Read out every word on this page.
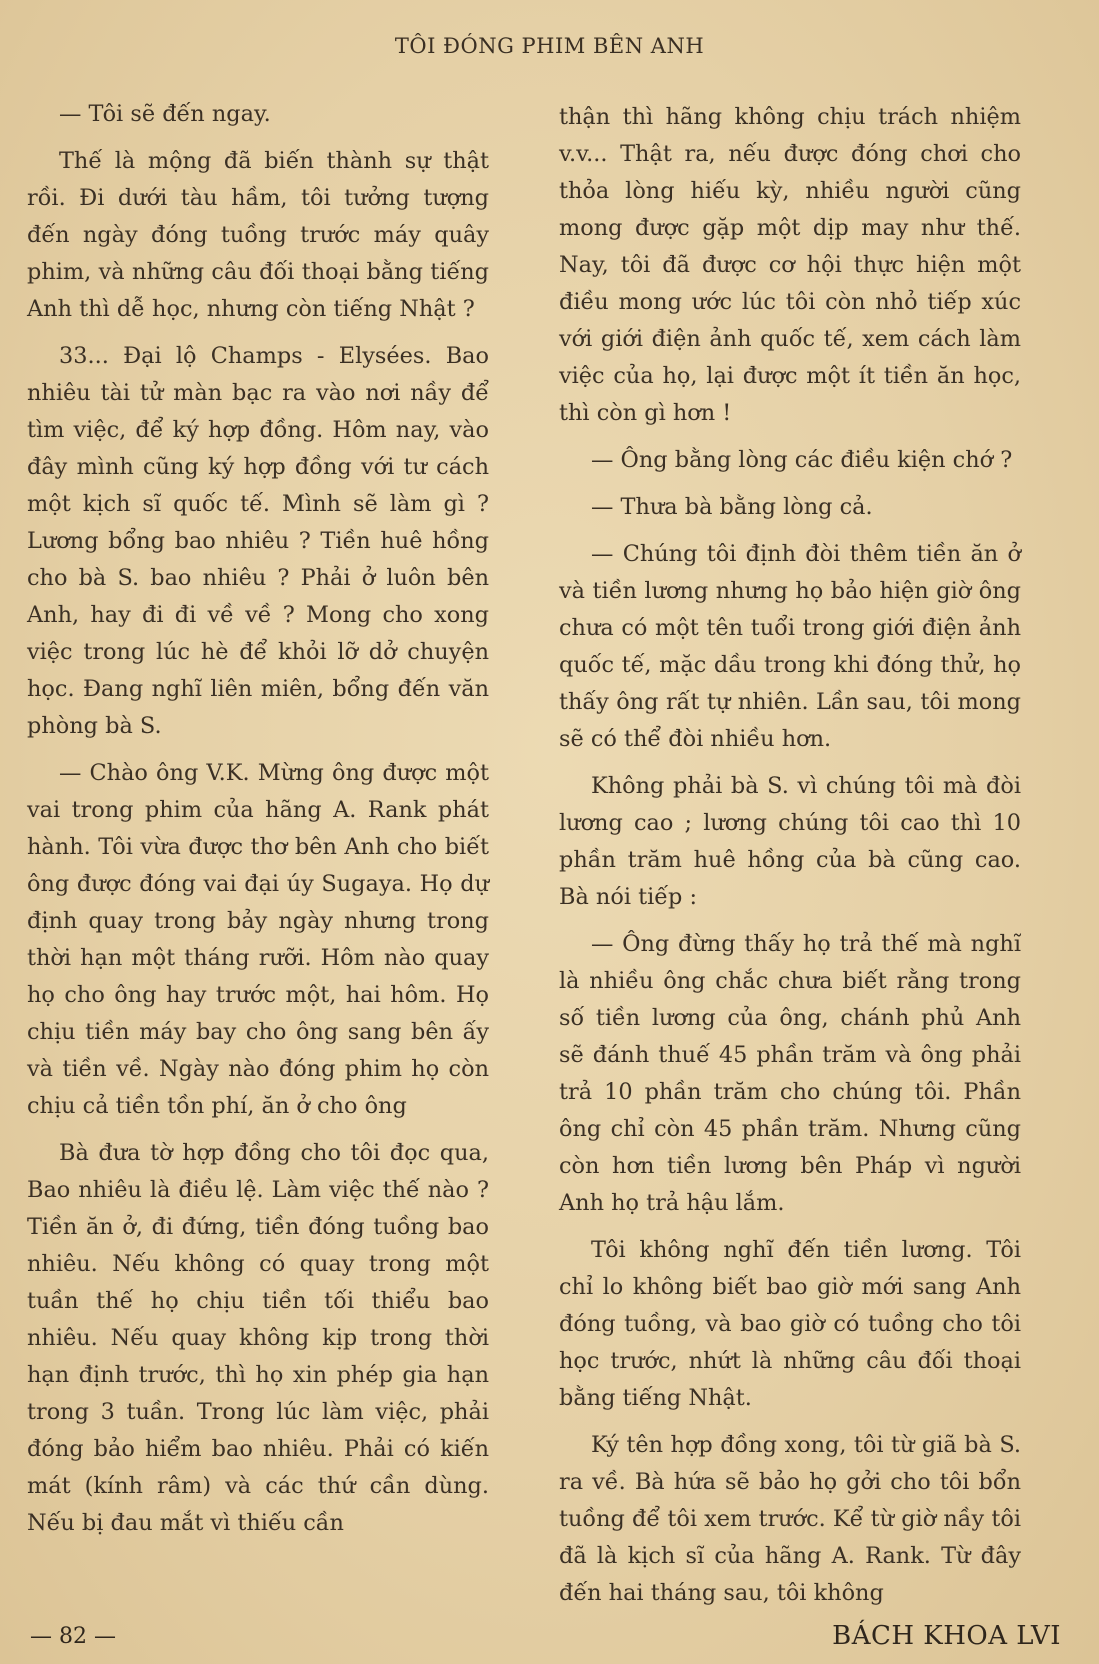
TÔI ĐÓNG PHIM BÊN ANH

— Tôi sẽ đến ngay.

Thế là mộng đã biến thành sự thật rồi. Đi dưới tàu hầm, tôi tưởng tượng đến ngày đóng tuồng trước máy quây phim, và những câu đối thoại bằng tiếng Anh thì dễ học, nhưng còn tiếng Nhật ?

33... Đại lộ Champs - Elysées. Bao nhiêu tài tử màn bạc ra vào nơi nầy để tìm việc, để ký hợp đồng. Hôm nay, vào đây mình cũng ký hợp đồng với tư cách một kịch sĩ quốc tế. Mình sẽ làm gì ? Lương bổng bao nhiêu ? Tiền huê hồng cho bà S. bao nhiêu ? Phải ở luôn bên Anh, hay đi đi về về ? Mong cho xong việc trong lúc hè để khỏi lỡ dở chuyện học. Đang nghĩ liên miên, bổng đến văn phòng bà S.

— Chào ông V.K. Mừng ông được một vai trong phim của hãng A. Rank phát hành. Tôi vừa được thơ bên Anh cho biết ông được đóng vai đại úy Sugaya. Họ dự định quay trong bảy ngày nhưng trong thời hạn một tháng rưỡi. Hôm nào quay họ cho ông hay trước một, hai hôm. Họ chịu tiền máy bay cho ông sang bên ấy và tiền về. Ngày nào đóng phim họ còn chịu cả tiền tồn phí, ăn ở cho ông

Bà đưa tờ hợp đồng cho tôi đọc qua, Bao nhiêu là điều lệ. Làm việc thế nào ? Tiền ăn ở, đi đứng, tiền đóng tuồng bao nhiêu. Nếu không có quay trong một tuần thế họ chịu tiền tối thiểu bao nhiêu. Nếu quay không kịp trong thời hạn định trước, thì họ xin phép gia hạn trong 3 tuần. Trong lúc làm việc, phải đóng bảo hiểm bao nhiêu. Phải có kiến mát (kính râm) và các thứ cần dùng. Nếu bị đau mắt vì thiếu cần

thận thì hãng không chịu trách nhiệm v.v... Thật ra, nếu được đóng chơi cho thỏa lòng hiếu kỳ, nhiều người cũng mong được gặp một dịp may như thế. Nay, tôi đã được cơ hội thực hiện một điều mong ước lúc tôi còn nhỏ tiếp xúc với giới điện ảnh quốc tế, xem cách làm việc của họ, lại được một ít tiền ăn học, thì còn gì hơn !

— Ông bằng lòng các điều kiện chớ ?

— Thưa bà bằng lòng cả.

— Chúng tôi định đòi thêm tiền ăn ở và tiền lương nhưng họ bảo hiện giờ ông chưa có một tên tuổi trong giới điện ảnh quốc tế, mặc dầu trong khi đóng thử, họ thấy ông rất tự nhiên. Lần sau, tôi mong sẽ có thể đòi nhiều hơn.

Không phải bà S. vì chúng tôi mà đòi lương cao ; lương chúng tôi cao thì 10 phần trăm huê hồng của bà cũng cao. Bà nói tiếp :

— Ông đừng thấy họ trả thế mà nghĩ là nhiều ông chắc chưa biết rằng trong số tiền lương của ông, chánh phủ Anh sẽ đánh thuế 45 phần trăm và ông phải trả 10 phần trăm cho chúng tôi. Phần ông chỉ còn 45 phần trăm. Nhưng cũng còn hơn tiền lương bên Pháp vì người Anh họ trả hậu lắm.

Tôi không nghĩ đến tiền lương. Tôi chỉ lo không biết bao giờ mới sang Anh đóng tuồng, và bao giờ có tuồng cho tôi học trước, nhứt là những câu đối thoại bằng tiếng Nhật.

Ký tên hợp đồng xong, tôi từ giã bà S. ra về. Bà hứa sẽ bảo họ gởi cho tôi bổn tuồng để tôi xem trước. Kể từ giờ nầy tôi đã là kịch sĩ của hãng A. Rank. Từ đây đến hai tháng sau, tôi không

— 82 —	BÁCH KHOA LVI
